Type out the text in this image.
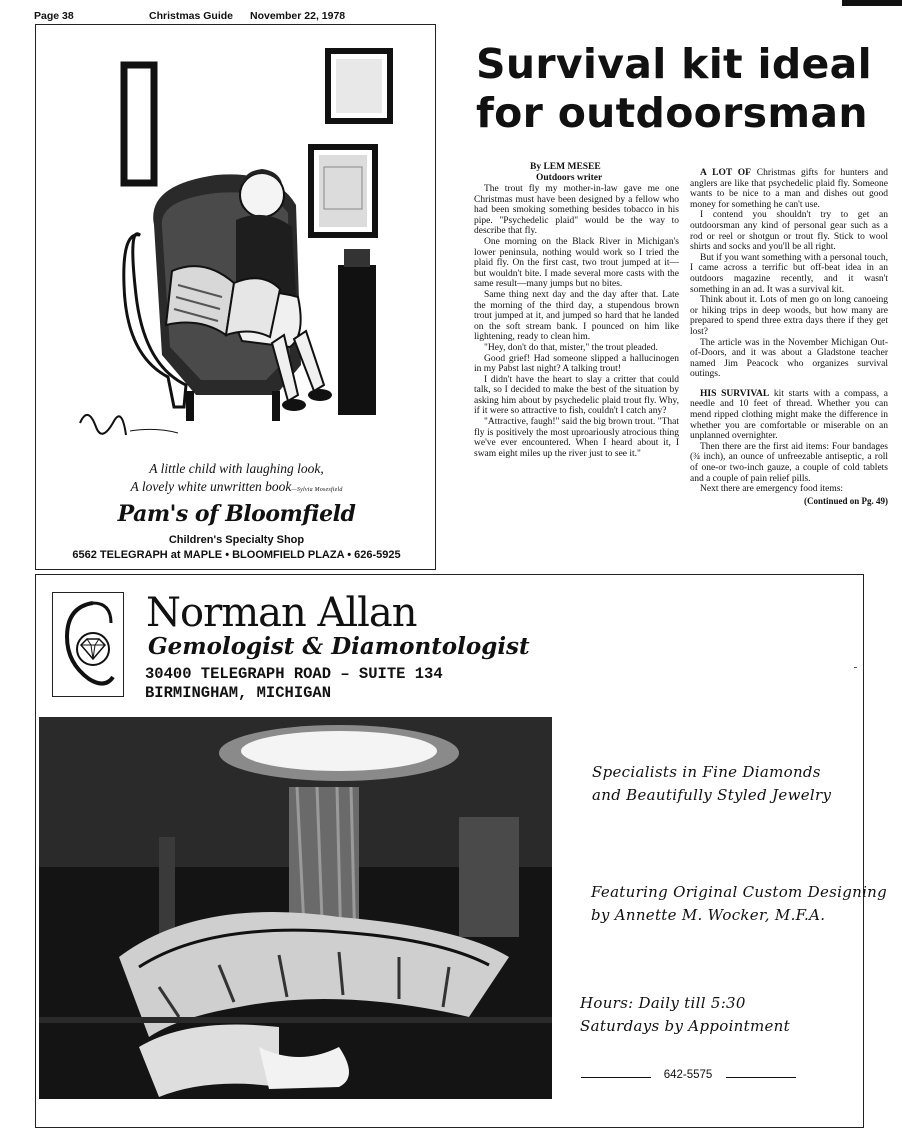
Page 38	Christmas Guide November 22, 1978
A little child with laughing look,
A lovely white unwritten book—Sylvia Mosesfield
Pam's of Bloomfield
Children's Specialty Shop
6562 TELEGRAPH at MAPLE • BLOOMFIELD PLAZA • 626-5925
Survival kit ideal
for outdoorsman
By LEM MESEE
Outdoors writer

The trout fly my mother-in-law gave me one Christmas must have been designed by a fellow who had been smoking something besides tobacco in his pipe. "Psychedelic plaid" would be the way to describe that fly.

One morning on the Black River in Michigan's lower peninsula, nothing would work so I tried the plaid fly. On the first cast, two trout jumped at it—but wouldn't bite. I made several more casts with the same result—many jumps but no bites.

Same thing next day and the day after that. Late the morning of the third day, a stupendous brown trout jumped at it, and jumped so hard that he landed on the soft stream bank. I pounced on him like lightening, ready to clean him.

"Hey, don't do that, mister," the trout pleaded.

Good grief! Had someone slipped a hallucinogen in my Pabst last night? A talking trout!

I didn't have the heart to slay a critter that could talk, so I decided to make the best of the situation by asking him about by psychedelic plaid trout fly. Why, if it were so attractive to fish, couldn't I catch any?

"Attractive, faugh!" said the big brown trout. "That fly is positively the most uproariously atrocious thing we've ever encountered. When I heard about it, I swam eight miles up the river just to see it."

A LOT OF Christmas gifts for hunters and anglers are like that psychedelic plaid fly. Someone wants to be nice to a man and dishes out good money for something he can't use.

I contend you shouldn't try to get an outdoorsman any kind of personal gear such as a rod or reel or shotgun or trout fly. Stick to wool shirts and socks and you'll be all right.

But if you want something with a personal touch, I came across a terrific but off-beat idea in an outdoors magazine recently, and it wasn't something in an ad. It was a survival kit.

Think about it. Lots of men go on long canoeing or hiking trips in deep woods, but how many are prepared to spend three extra days there if they get lost?

The article was in the November Michigan Out-of-Doors, and it was about a Gladstone teacher named Jim Peacock who organizes survival outings.

HIS SURVIVAL kit starts with a compass, a needle and 10 feet of thread. Whether you can mend ripped clothing might make the difference in whether you are comfortable or miserable on an unplanned overnighter.

Then there are the first aid items: Four bandages (¾ inch), an ounce of unfreezable antiseptic, a roll of one-or two-inch gauze, a couple of cold tablets and a couple of pain relief pills.

Next there are emergency food items:

(Continued on Pg. 49)
Norman Allan
Gemologist & Diamontologist
30400 TELEGRAPH ROAD – SUITE 134
BIRMINGHAM, MICHIGAN
Specialists in Fine Diamonds
and Beautifully Styled Jewelry
Featuring Original Custom Designing
by Annette M. Wocker, M.F.A.
Hours: Daily till 5:30
Saturdays by Appointment
642-5575
